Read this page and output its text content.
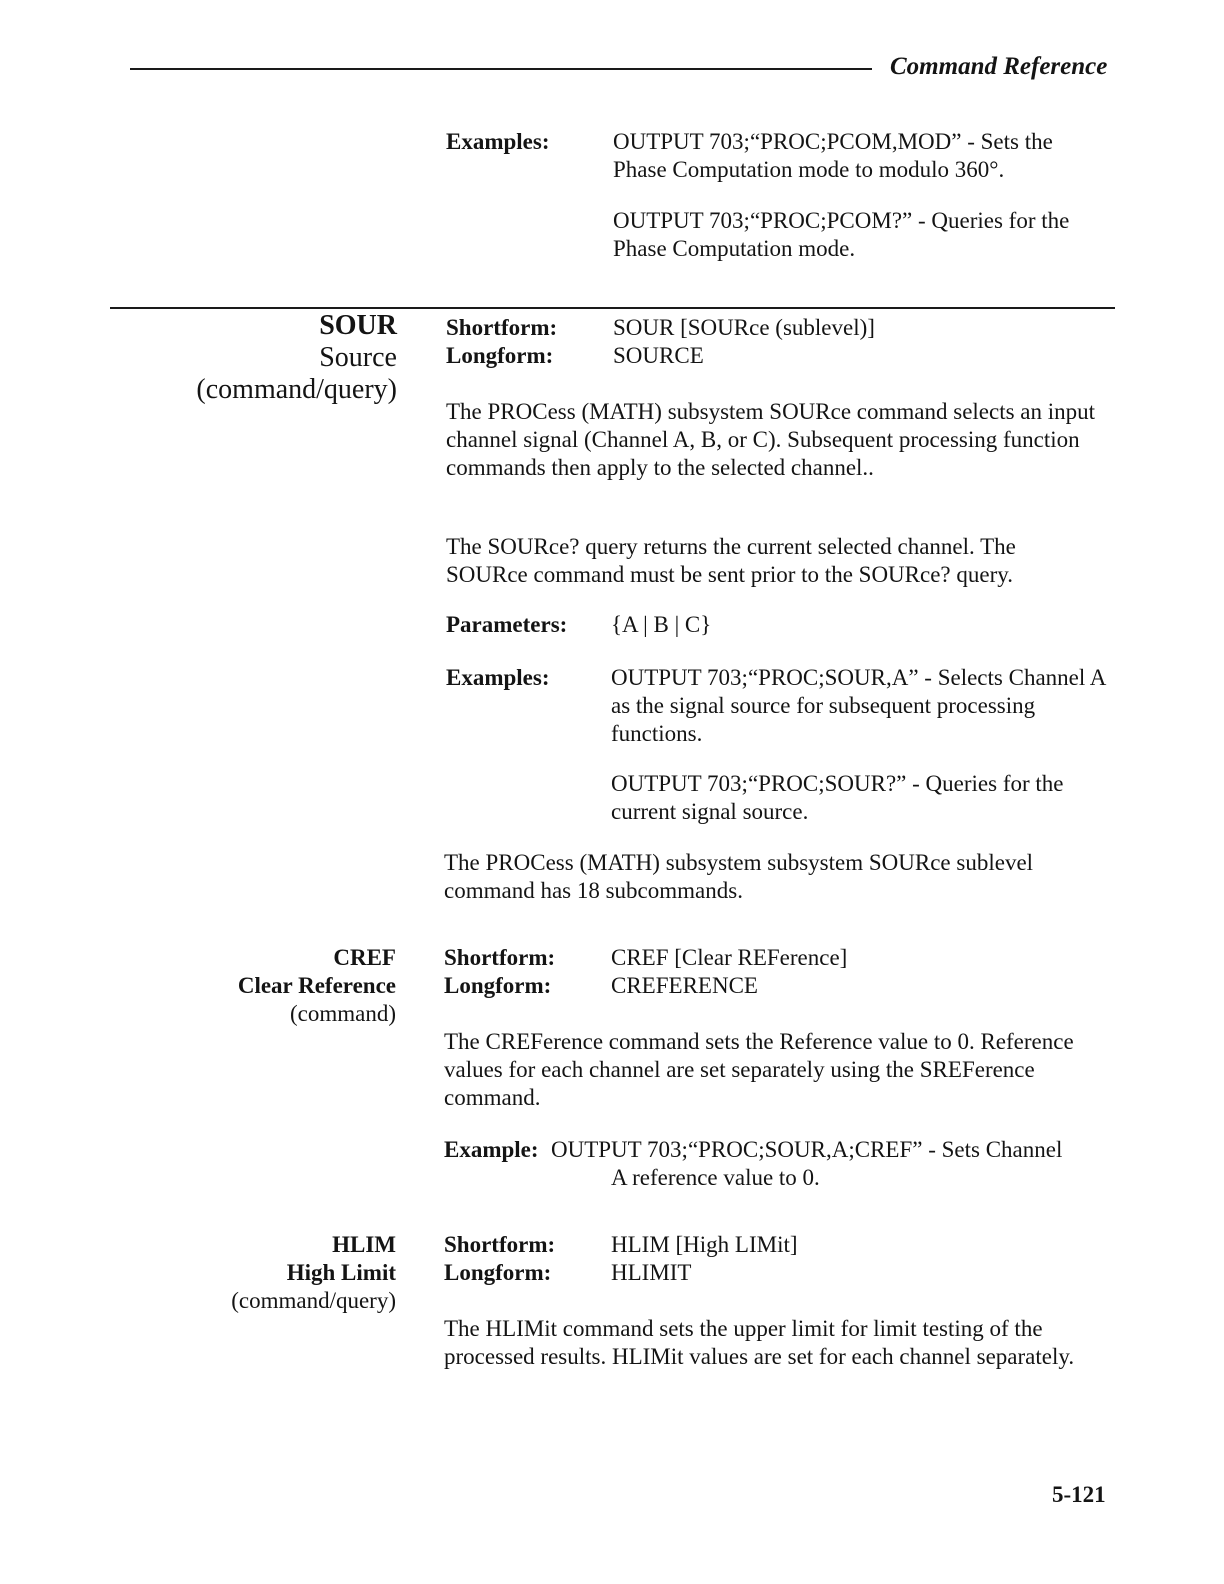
Command Reference
Examples:	OUTPUT 703;“PROC;PCOM,MOD” - Sets the Phase Computation mode to modulo 360°.
OUTPUT 703;“PROC;PCOM?” - Queries for the Phase Computation mode.
SOUR
Source
(command/query)
Shortform: SOUR [SOURce (sublevel)]
Longform:	SOURCE
The PROCess (MATH) subsystem SOURce command selects an input channel signal (Channel A, B, or C). Subsequent processing function commands then apply to the selected channel..
The SOURce? query returns the current selected channel. The SOURce command must be sent prior to the SOURce? query.
Parameters: {A | B | C}
Examples:	OUTPUT 703;“PROC;SOUR,A” - Selects Channel A as the signal source for subsequent processing functions.
OUTPUT 703;“PROC;SOUR?” - Queries for the current signal source.
The PROCess (MATH) subsystem subsystem SOURce sublevel command has 18 subcommands.
CREF
Clear Reference
(command)
Shortform: CREF [Clear REFerence]
Longform:	CREFERENCE
The CREFerence command sets the Reference value to 0. Reference values for each channel are set separately using the SREFerence command.
Example: OUTPUT 703;“PROC;SOUR,A;CREF” - Sets Channel
A reference value to 0.
HLIM
High Limit
(command/query)
Shortform: HLIM [High LIMit]
Longform:	HLIMIT
The HLIMit command sets the upper limit for limit testing of the processed results. HLIMit values are set for each channel separately.
5-121
